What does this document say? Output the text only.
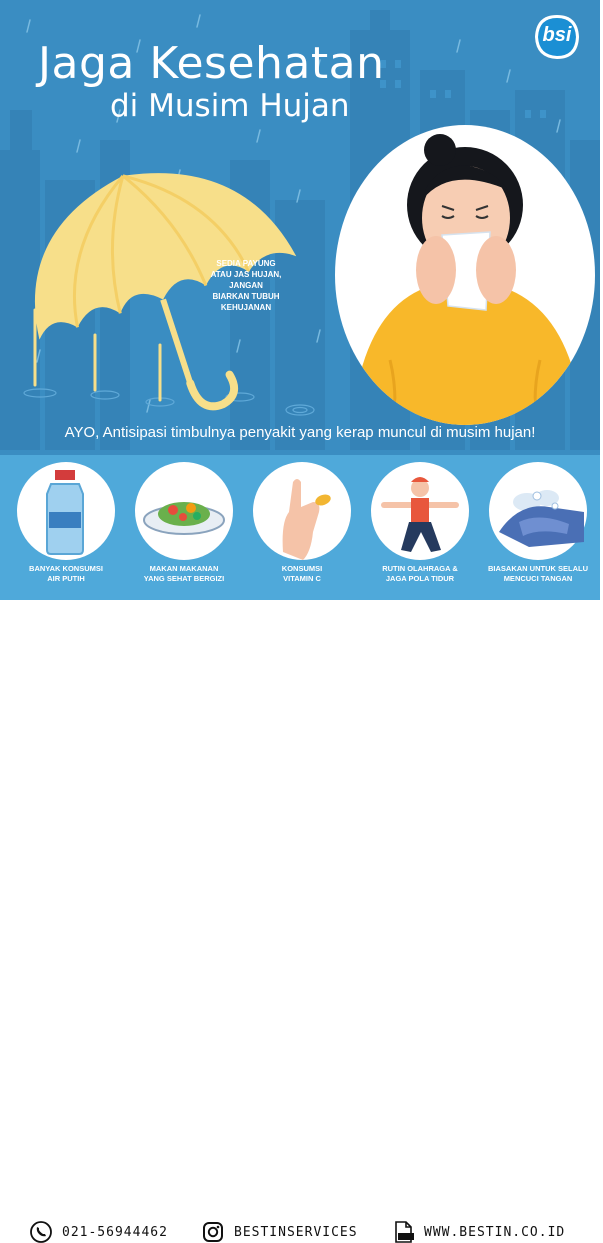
SEDIA PAYUNG
ATAU JAS HUJAN,
JANGAN
BIARKAN TUBUH
KEHUJANAN
bsi
Jaga Kesehatan
di Musim Hujan
AYO, Antisipasi timbulnya penyakit yang kerap muncul di musim hujan!
BANYAK KONSUMSI
AIR PUTIH
MAKAN MAKANAN
YANG SEHAT BERGIZI
KONSUMSI
VITAMIN C
RUTIN OLAHRAGA &
JAGA POLA TIDUR
BIASAKAN UNTUK SELALU
MENCUCI TANGAN
021-56944462	BESTINSERVICES	WWW.BESTIN.CO.ID
